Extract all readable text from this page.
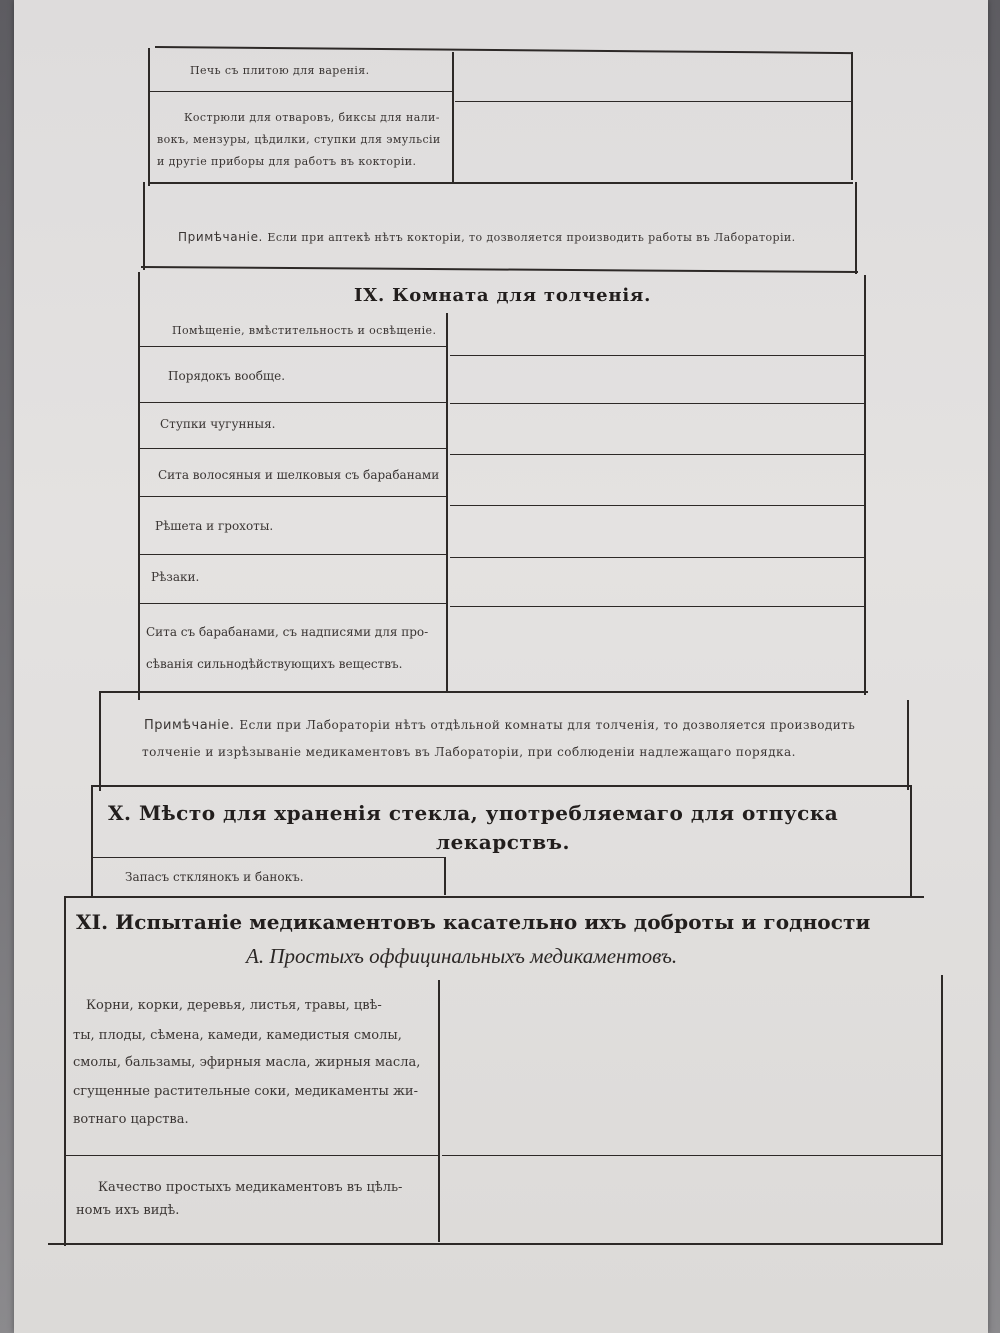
Печь съ плитою для варенія.
Кострюли для отваровъ, биксы для нали-
вокъ, мензуры, цѣдилки, ступки для эмульсіи
и другіе приборы для работъ въ коктоpiи.
Примѣчаніе. Если при аптекѣ нѣтъ коктоpiи, то дозволяется производить работы въ Лабораторіи.
IX. Комната для толченія.
Помѣщеніе, вмѣстительность и освѣщеніе.
Порядокъ вообще.
Ступки чугунныя.
Сита волосяныя и шелковыя съ барабанами
Рѣшета и грохоты.
Рѣзаки.
Сита съ барабанами, съ надписями для про-
сѣванія сильнодѣйствующихъ веществъ.
Примѣчаніе. Если при Лабораторіи нѣтъ отдѣльной комнаты для толченія, то дозволяется производить
толченіе и изрѣзываніе медикаментовъ въ Лабораторіи, при соблюденіи надлежащаго порядка.
X. Мѣсто для храненія стекла, употребляемаго для отпуска
лекарствъ.
Запасъ стклянокъ и банокъ.
XI. Испытаніе медикаментовъ касательно ихъ доброты и годности
А. Простыхъ оффицинальныхъ медикаментовъ.
Корни, корки, деревья, листья, травы, цвѣ-
ты, плоды, сѣмена, камеди, камедистыя смолы,
смолы, бальзамы, эфирныя масла, жирныя масла,
сгущенные растительные соки, медикаменты жи-
вотнаго царства.
Качество простыхъ медикаментовъ въ цѣль-
номъ ихъ видѣ.
